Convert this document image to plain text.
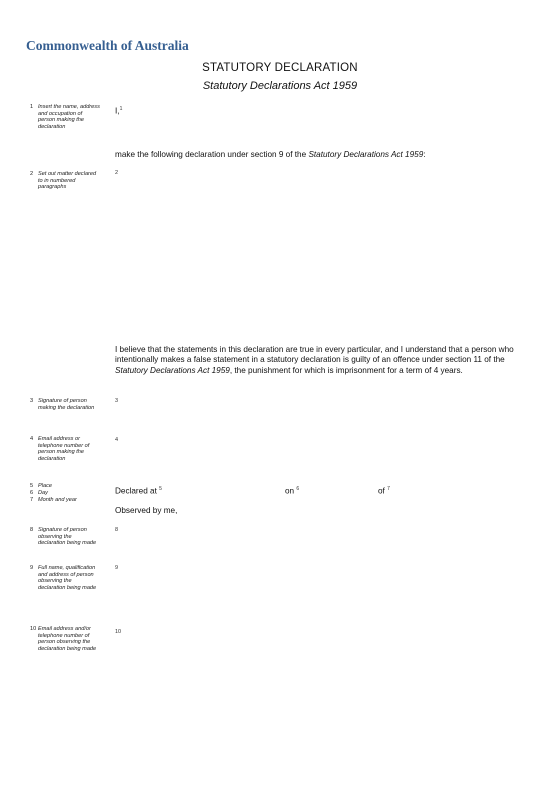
Commonwealth of Australia
STATUTORY DECLARATION
Statutory Declarations Act 1959
1 Insert the name, address and occupation of person making the declaration
2 Set out matter declared to in numbered paragraphs
3 Signature of person making the declaration
4 Email address or telephone number of person making the declaration
5 Place
6 Day
7 Month and year
8 Signature of person observing the declaration being made
9 Full name, qualification and address of person observing the declaration being made
10 Email address and/or telephone number of person observing the declaration being made
I,$^1$
make the following declaration under section 9 of the Statutory Declarations Act 1959:
2
I believe that the statements in this declaration are true in every particular, and I understand that a person who intentionally makes a false statement in a statutory declaration is guilty of an offence under section 11 of the Statutory Declarations Act 1959, the punishment for which is imprisonment for a term of 4 years.
3
4
Declared at $^5$	on $^6$	of $^7$
Observed by me,
8
9
10
